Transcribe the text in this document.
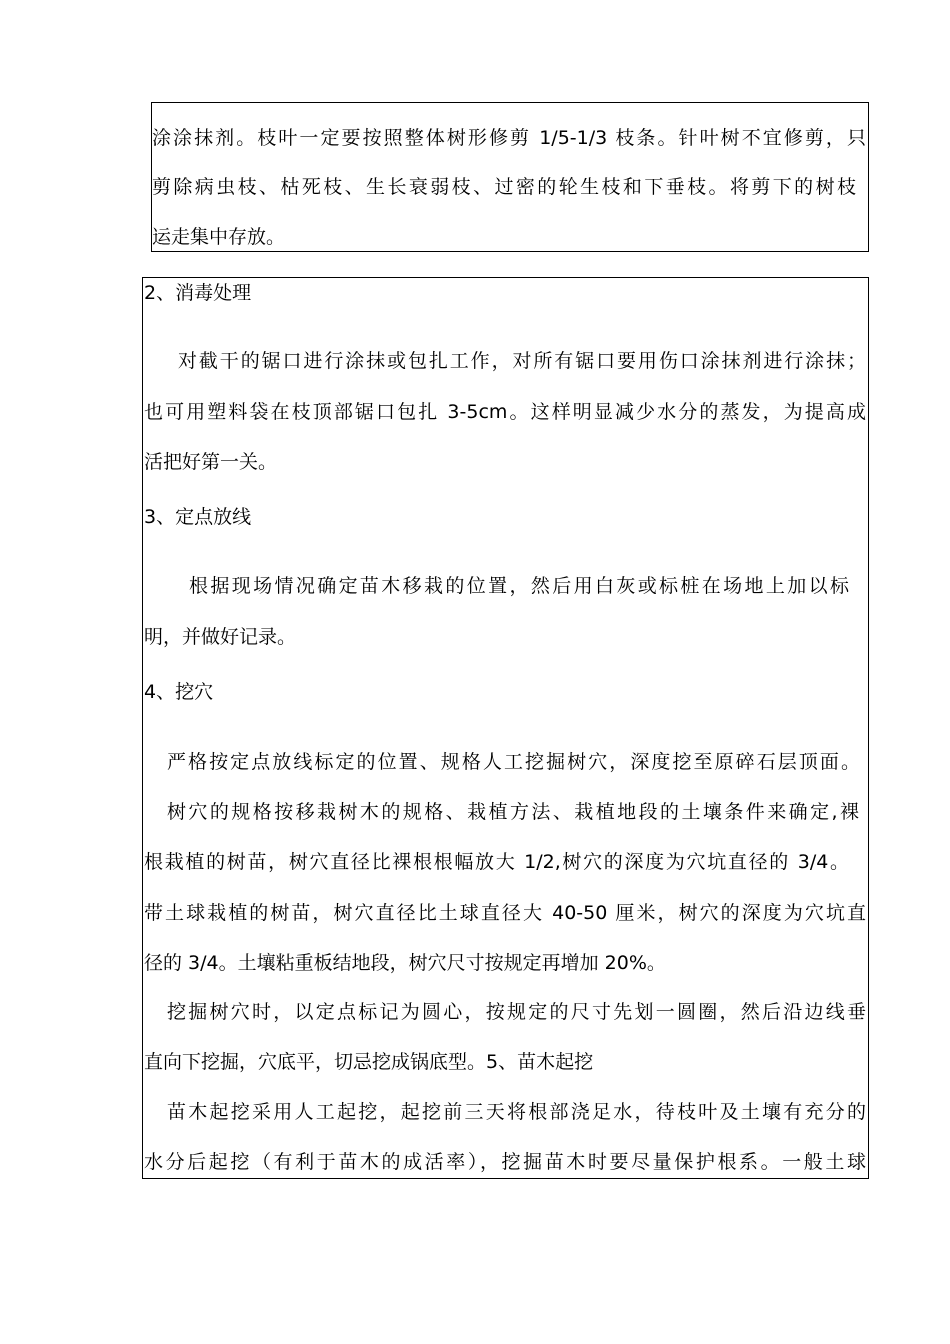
涂涂抹剂。枝叶一定要按照整体树形修剪 1/5-1/3 枝条。针叶树不宜修剪，只
剪除病虫枝、枯死枝、生长衰弱枝、过密的轮生枝和下垂枝。将剪下的树枝
运走集中存放。
2、消毒处理
对截干的锯口进行涂抹或包扎工作，对所有锯口要用伤口涂抹剂进行涂抹；
也可用塑料袋在枝顶部锯口包扎 3-5cm。这样明显减少水分的蒸发，为提高成
活把好第一关。
3、定点放线
根据现场情况确定苗木移栽的位置，然后用白灰或标桩在场地上加以标
明，并做好记录。
4、挖穴
严格按定点放线标定的位置、规格人工挖掘树穴，深度挖至原碎石层顶面。
树穴的规格按移栽树木的规格、栽植方法、栽植地段的土壤条件来确定,裸
根栽植的树苗，树穴直径比裸根根幅放大 1/2,树穴的深度为穴坑直径的 3/4。
带土球栽植的树苗，树穴直径比土球直径大 40-50 厘米，树穴的深度为穴坑直
径的 3/4。土壤粘重板结地段，树穴尺寸按规定再增加 20%。
挖掘树穴时，以定点标记为圆心，按规定的尺寸先划一圆圈，然后沿边线垂
直向下挖掘，穴底平，切忌挖成锅底型。5、苗木起挖
苗木起挖采用人工起挖，起挖前三天将根部浇足水，待枝叶及土壤有充分的
水分后起挖（有利于苗木的成活率），挖掘苗木时要尽量保护根系。一般土球
